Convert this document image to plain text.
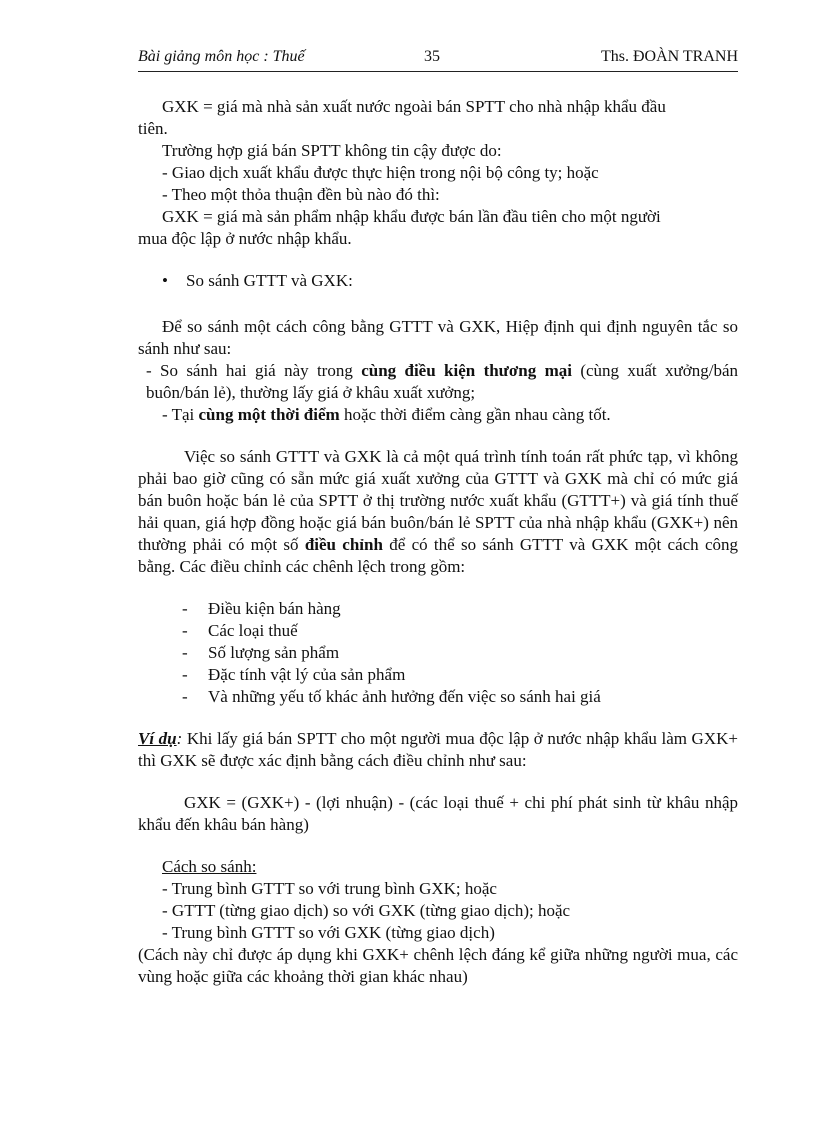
Bài giảng môn học : Thuế	35	Ths. ĐOÀN TRANH

GXK = giá mà nhà sản xuất nước ngoài bán SPTT cho nhà nhập khẩu đầu

tiên.

Trường hợp giá bán SPTT không tin cậy được do:

- Giao dịch xuất khẩu được thực hiện trong nội bộ công ty; hoặc

- Theo một thỏa thuận đền bù nào đó thì:

GXK = giá mà sản phẩm nhập khẩu được bán lần đầu tiên cho một người

mua độc lập ở nước nhập khẩu.

• So sánh GTTT và GXK:

Để so sánh một cách công bằng GTTT và GXK, Hiệp định qui định nguyên tắc so sánh như sau:

- So sánh hai giá này trong cùng điều kiện thương mại (cùng xuất xưởng/bán buôn/bán lẻ), thường lấy giá ở khâu xuất xưởng;

- Tại cùng một thời điểm hoặc thời điểm càng gần nhau càng tốt.

Việc so sánh GTTT và GXK là cả một quá trình tính toán rất phức tạp, vì không phải bao giờ cũng có sẵn mức giá xuất xưởng của GTTT và GXK mà chỉ có mức giá bán buôn hoặc bán lẻ của SPTT ở thị trường nước xuất khẩu (GTTT+) và giá tính thuế hải quan, giá hợp đồng hoặc giá bán buôn/bán lẻ SPTT của nhà nhập khẩu (GXK+) nên thường phải có một số điều chỉnh để có thể so sánh GTTT và GXK một cách công bằng. Các điều chỉnh các chênh lệch trong gồm:

- Điều kiện bán hàng

- Các loại thuế

- Số lượng sản phẩm

- Đặc tính vật lý của sản phẩm

- Và những yếu tố khác ảnh hưởng đến việc so sánh hai giá

Ví dụ: Khi lấy giá bán SPTT cho một người mua độc lập ở nước nhập khẩu làm GXK+ thì GXK sẽ được xác định bằng cách điều chỉnh như sau:

GXK = (GXK+) - (lợi nhuận) - (các loại thuế + chi phí phát sinh từ khâu nhập khẩu đến khâu bán hàng)

Cách so sánh:

- Trung bình GTTT so với trung bình GXK; hoặc

- GTTT (từng giao dịch) so với GXK (từng giao dịch); hoặc

- Trung bình GTTT so với GXK (từng giao dịch)

(Cách này chỉ được áp dụng khi GXK+ chênh lệch đáng kể giữa những người mua, các vùng hoặc giữa các khoảng thời gian khác nhau)
